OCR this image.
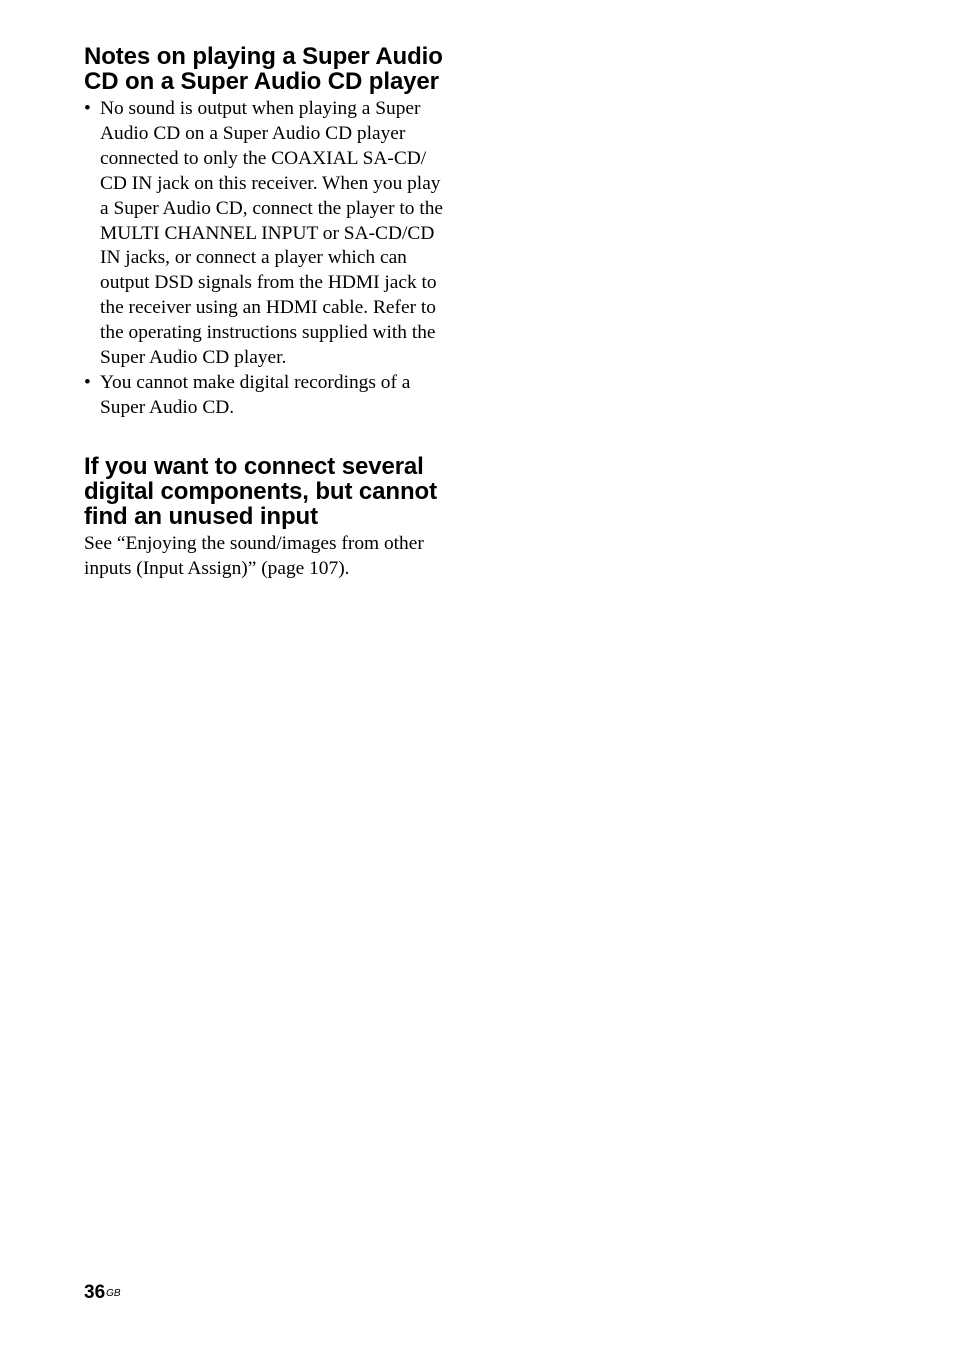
Notes on playing a Super Audio
CD on a Super Audio CD player
• No sound is output when playing a Super
Audio CD on a Super Audio CD player
connected to only the COAXIAL SA-CD/
CD IN jack on this receiver. When you play
a Super Audio CD, connect the player to the
MULTI CHANNEL INPUT or SA-CD/CD
IN jacks, or connect a player which can
output DSD signals from the HDMI jack to
the receiver using an HDMI cable. Refer to
the operating instructions supplied with the
Super Audio CD player.
• You cannot make digital recordings of a
Super Audio CD.
If you want to connect several
digital components, but cannot
find an unused input

See “Enjoying the sound/images from other
inputs (Input Assign)” (page 107).

$36^{GB}$
